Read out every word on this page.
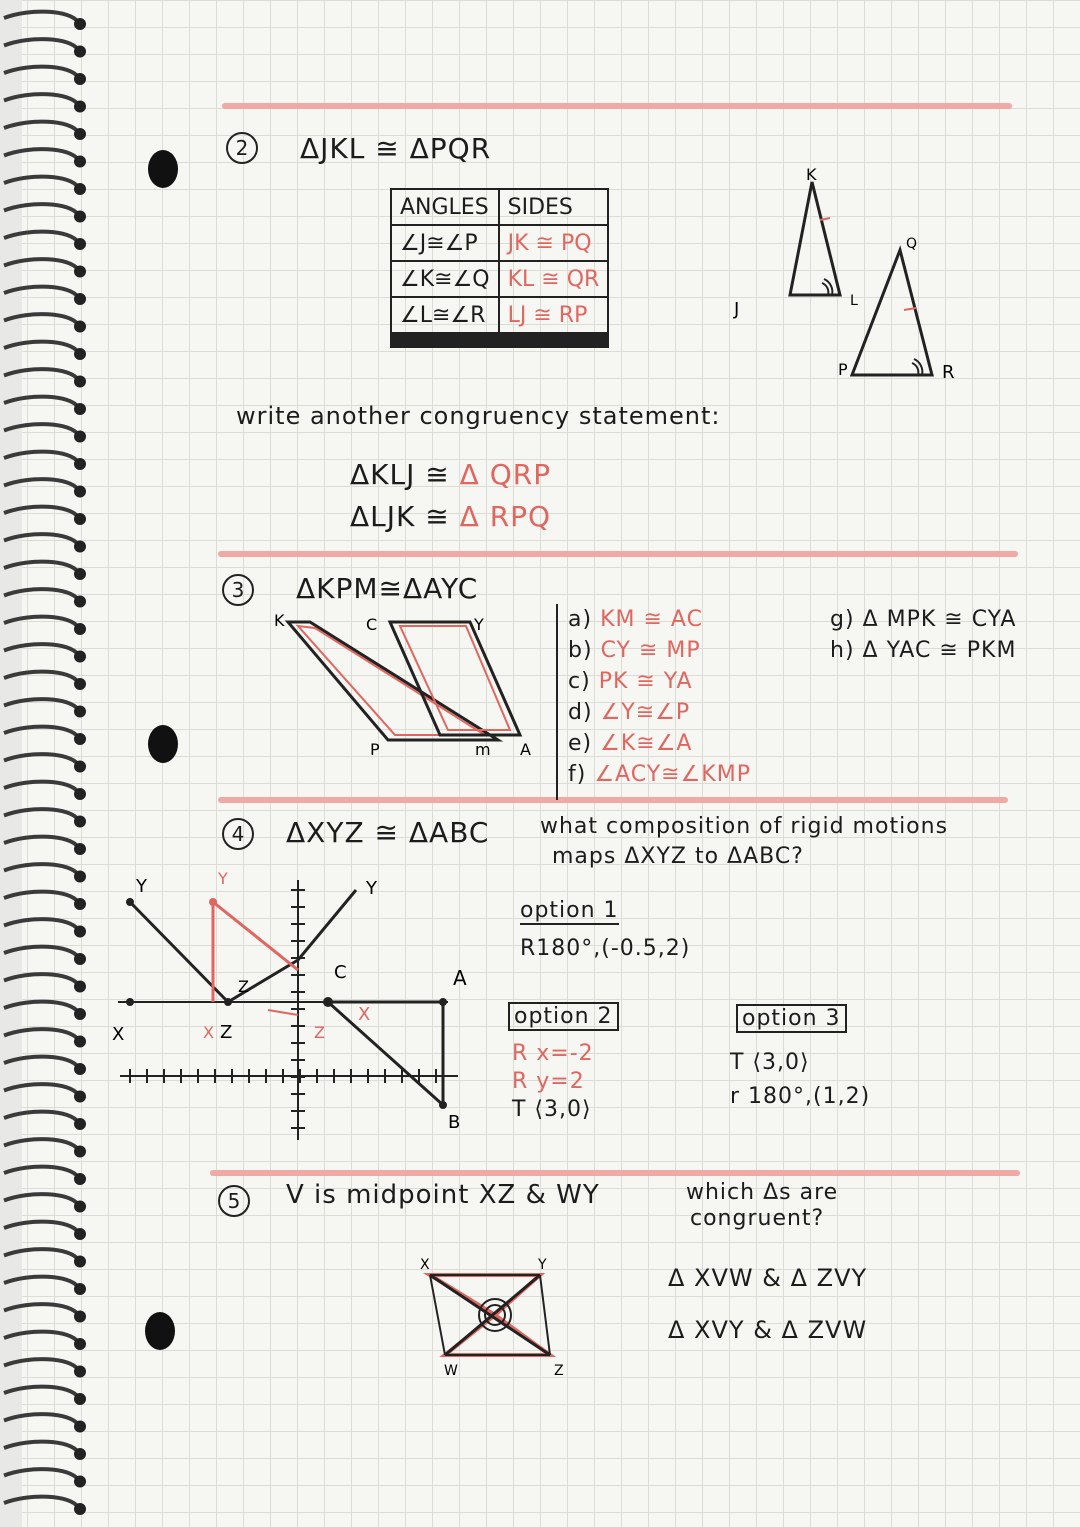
2	ΔJKL ≅ ΔPQR
ANGLES	SIDES
∠J≅∠P	JK ≅ PQ
∠K≅∠Q	KL ≅ QR
∠L≅∠R	LJ ≅ RP
K
J	L
Q
P	R
write another congruency statement:
ΔKLJ ≅ Δ QRP
ΔLJK ≅ Δ RPQ
3	ΔKPM≅ΔAYC
K	C	Y
P	m A
a) KM ≅ AC
b) CY ≅ MP
c) PK ≅ YA
d) ∠Y≅∠P
e) ∠K≅∠A
f) ∠ACY≅∠KMP
g) Δ MPK ≅ CYA
h) Δ YAC ≅ PKM
4	ΔXYZ ≅ ΔABC what composition of rigid motions
maps ΔXYZ to ΔABC?
Y	Y	Y
X	X
X
Z
Z	Z
C	A
B
option 1
R180°,(-0.5,2)
option 2
R x=-2
R y=2
T ⟨3,0⟩
option 3
T ⟨3,0⟩
r 180°,(1,2)
5	V is midpoint XZ & WY	which Δs are
congruent?
X	Y
W	Z
Δ XVW & Δ ZVY
Δ XVY & Δ ZVW
